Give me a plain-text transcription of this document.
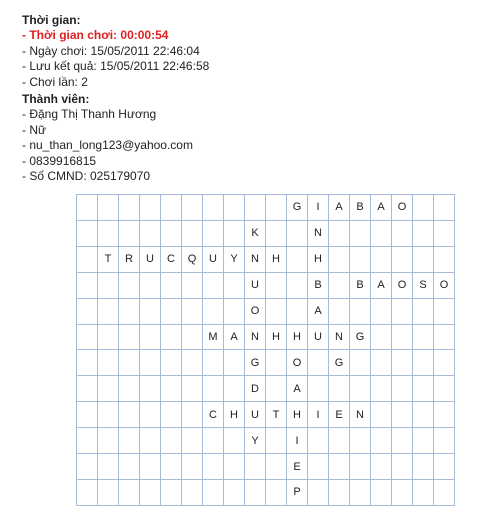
Thời gian:
- Thời gian chơi: 00:00:54
- Ngày chơi: 15/05/2011 22:46:04
- Lưu kết quả: 15/05/2011 22:46:58
- Chơi lần: 2
Thành viên:
- Đặng Thị Thanh Hương
- Nữ
- nu_than_long123@yahoo.com
- 0839916815
- Số CMND: 025179070
										G	I	A	B	A	O		
								K			N						
	T	R	U	C	Q	U	Y	N	H		H						
								U			B		B	A	O	S	O
								O			A						
						M	A	N	H	H	U	N	G				
								G		O		G					
								D		A							
						C	H	U	T	H	I	E	N				
								Y		I							
										E							
										P							
